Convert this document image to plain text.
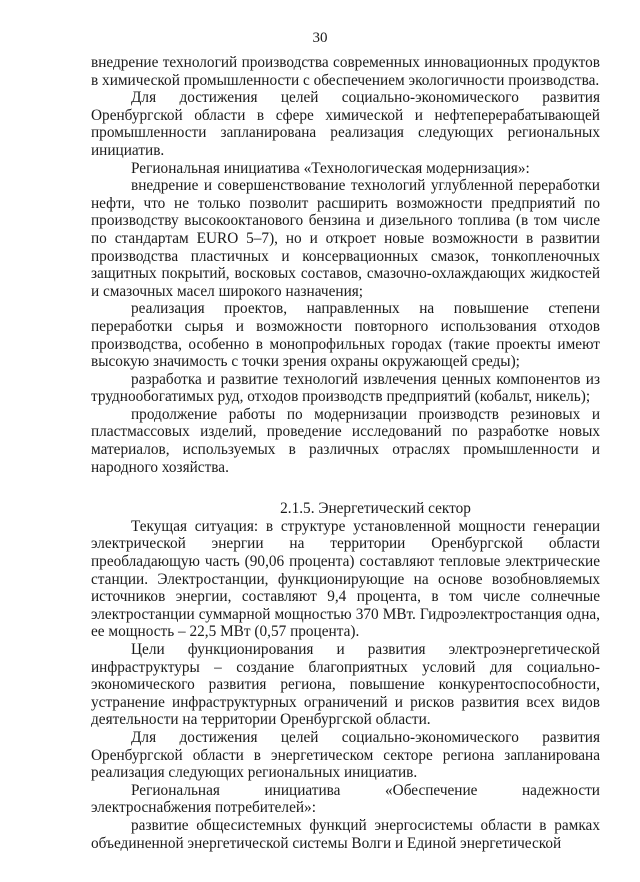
30

внедрение технологий производства современных инновационных продуктов в химической промышленности с обеспечением экологичности производства.

Для достижения целей социально-экономического развития Оренбургской области в сфере химической и нефтеперерабатывающей промышленности запланирована реализация следующих региональных инициатив.

Региональная инициатива «Технологическая модернизация»:

внедрение и совершенствование технологий углубленной переработки нефти, что не только позволит расширить возможности предприятий по производству высокооктанового бензина и дизельного топлива (в том числе по стандартам EURO 5–7), но и откроет новые возможности в развитии производства пластичных и консервационных смазок, тонкопленочных защитных покрытий, восковых составов, смазочно-охлаждающих жидкостей и смазочных масел широкого назначения;

реализация проектов, направленных на повышение степени переработки сырья и возможности повторного использования отходов производства, особенно в монопрофильных городах (такие проекты имеют высокую значимость с точки зрения охраны окружающей среды);

разработка и развитие технологий извлечения ценных компонентов из труднообогатимых руд, отходов производств предприятий (кобальт, никель);

продолжение работы по модернизации производств резиновых и пластмассовых изделий, проведение исследований по разработке новых материалов, используемых в различных отраслях промышленности и народного хозяйства.

2.1.5. Энергетический сектор

Текущая ситуация: в структуре установленной мощности генерации электрической энергии на территории Оренбургской области преобладающую часть (90,06 процента) составляют тепловые электрические станции. Электростанции, функционирующие на основе возобновляемых источников энергии, составляют 9,4 процента, в том числе солнечные электростанции суммарной мощностью 370 МВт. Гидроэлектростанция одна, ее мощность – 22,5 МВт (0,57 процента).

Цели функционирования и развития электроэнергетической инфраструктуры – создание благоприятных условий для социально-экономического развития региона, повышение конкурентоспособности, устранение инфраструктурных ограничений и рисков развития всех видов деятельности на территории Оренбургской области.

Для достижения целей социально-экономического развития Оренбургской области в энергетическом секторе региона запланирована реализация следующих региональных инициатив.

Региональная инициатива «Обеспечение надежности электроснабжения потребителей»:

развитие общесистемных функций энергосистемы области в рамках объединенной энергетической системы Волги и Единой энергетической
